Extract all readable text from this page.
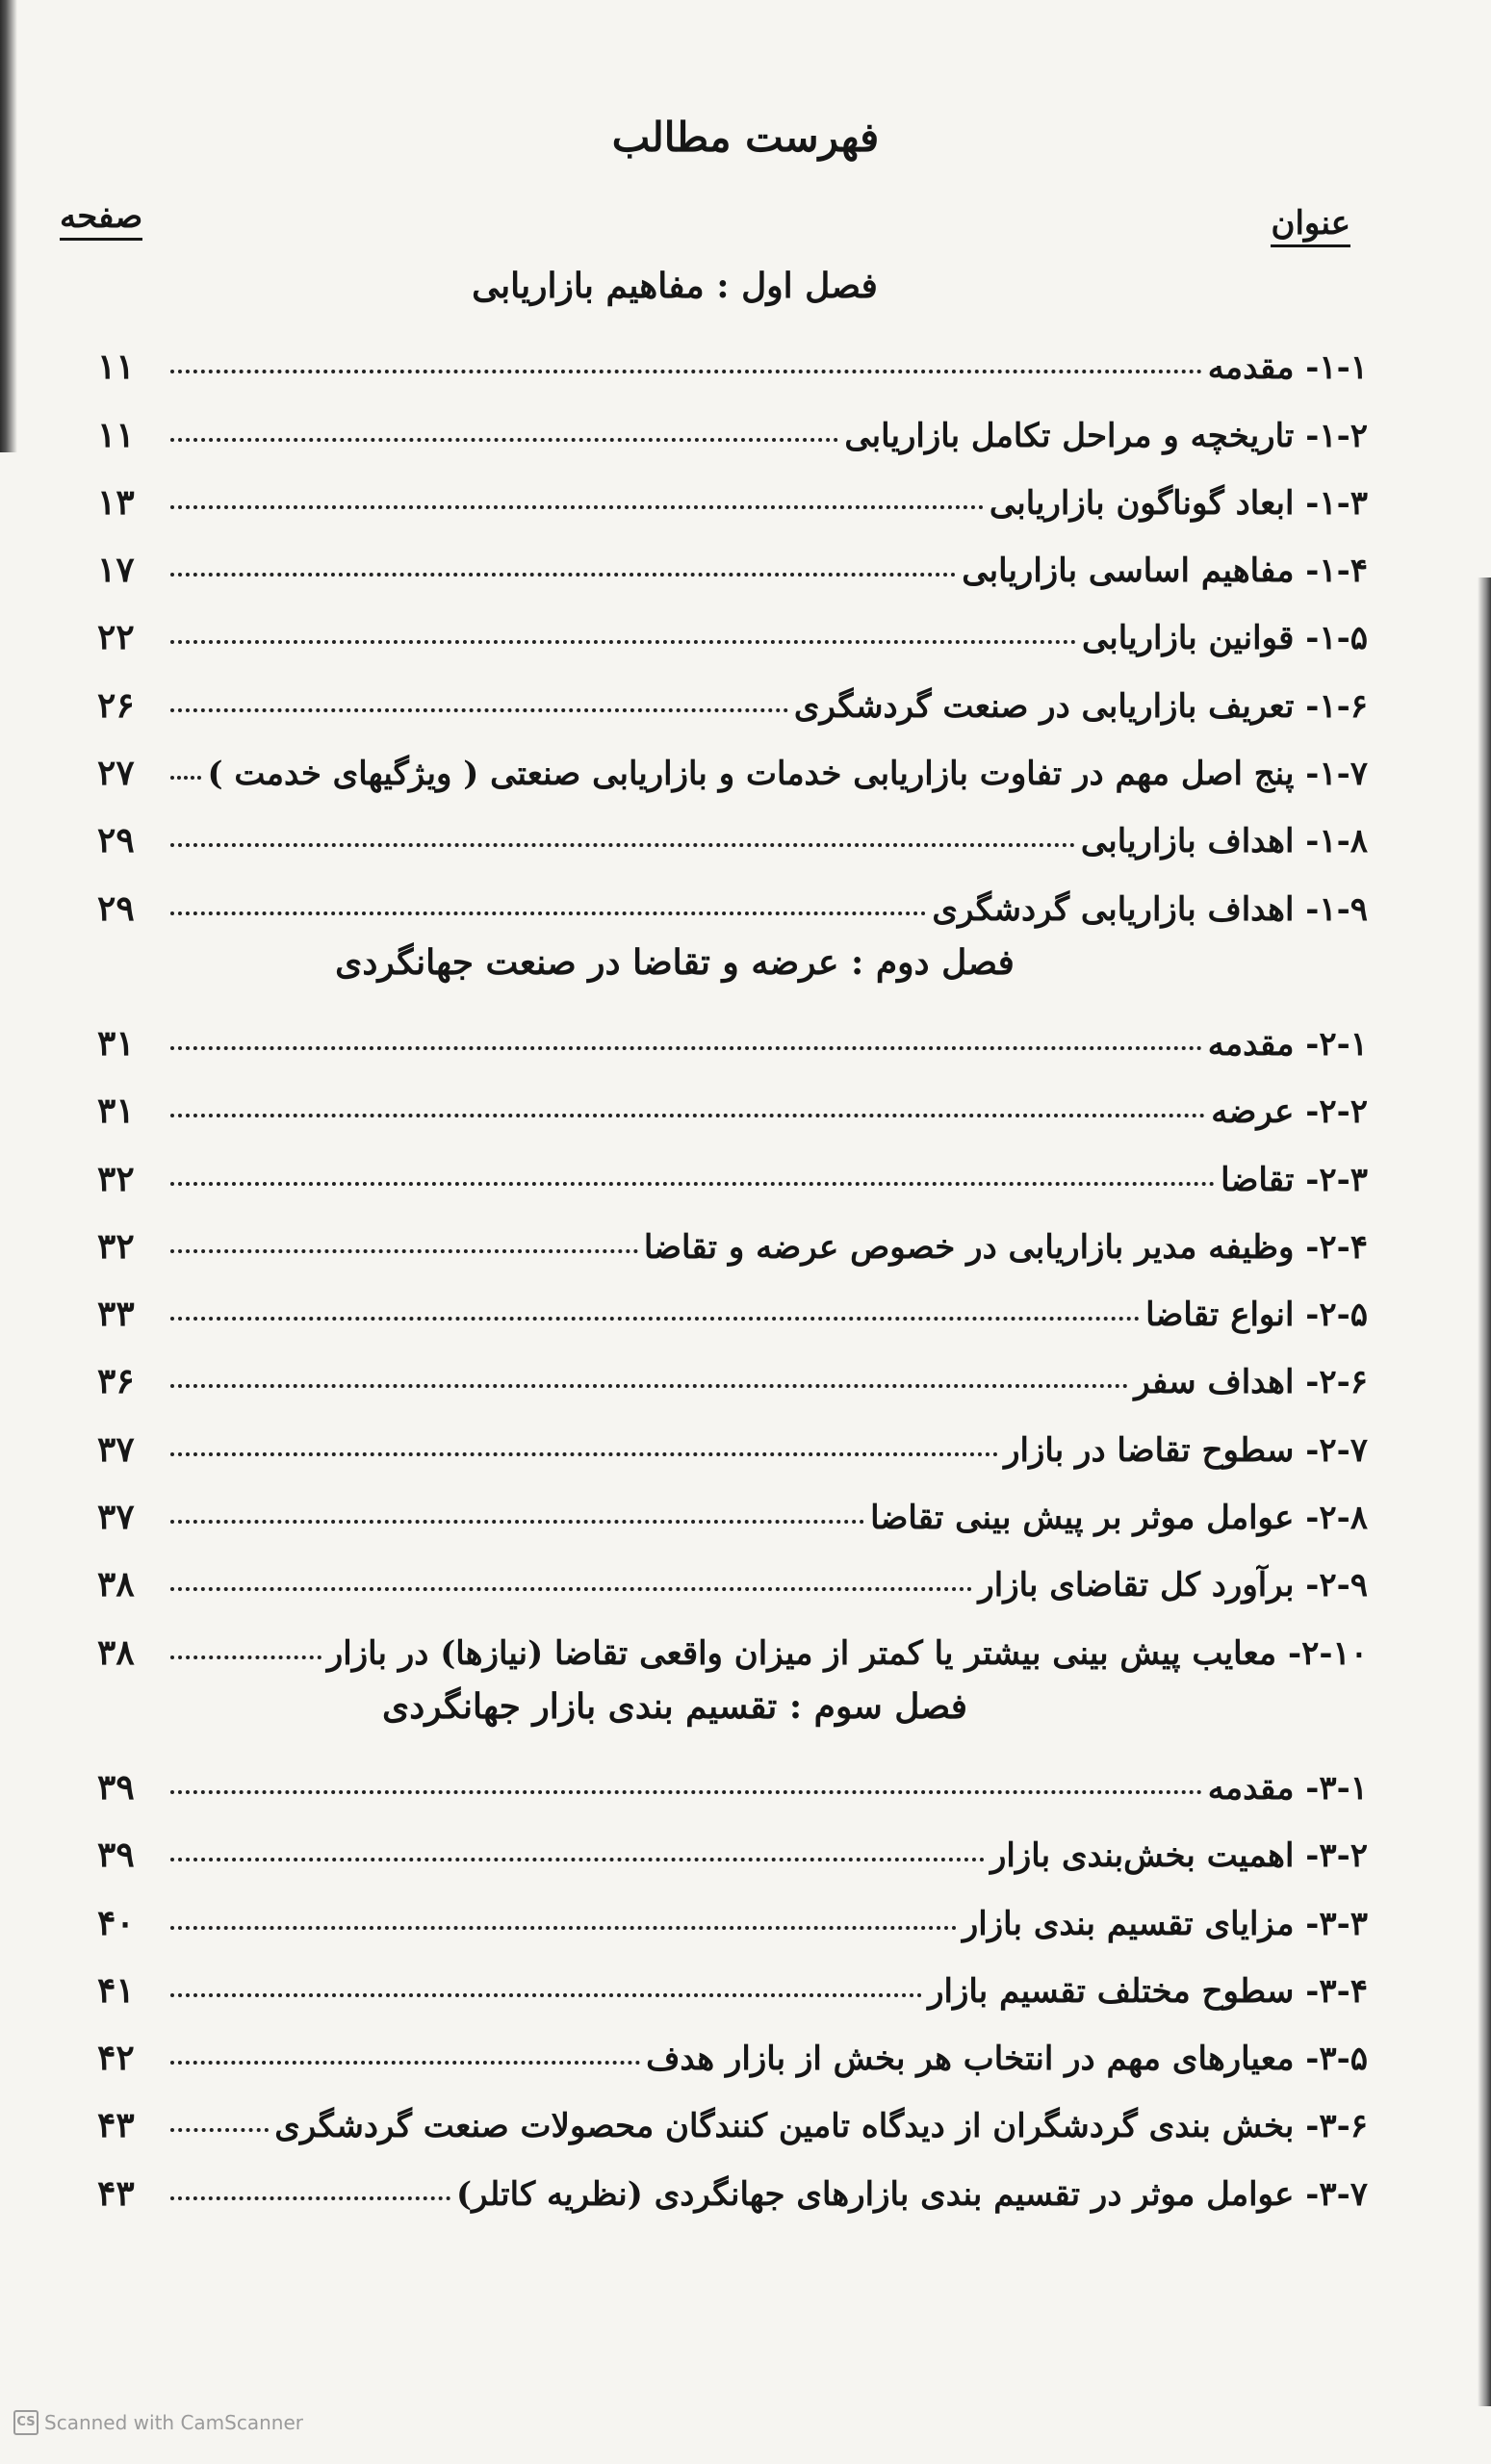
فهرست مطالب
عنوان
صفحه
فصل اول : مفاهیم بازاریابی
۱-۱- مقدمه
۱۱
۱-۲- تاریخچه و مراحل تکامل بازاریابی
۱۱
۱-۳- ابعاد گوناگون بازاریابی
۱۳
۱-۴- مفاهیم اساسی بازاریابی
۱۷
۱-۵- قوانین بازاریابی
۲۲
۱-۶- تعریف بازاریابی در صنعت گردشگری
۲۶
۱-۷- پنج اصل مهم در تفاوت بازاریابی خدمات و بازاریابی صنعتی ( ویژگیهای خدمت )
۲۷
۱-۸- اهداف بازاریابی
۲۹
۱-۹- اهداف بازاریابی گردشگری
۲۹
فصل دوم : عرضه و تقاضا در صنعت جهانگردی
۲-۱- مقدمه
۳۱
۲-۲- عرضه
۳۱
۲-۳- تقاضا
۳۲
۲-۴- وظیفه مدیر بازاریابی در خصوص عرضه و تقاضا
۳۲
۲-۵- انواع تقاضا
۳۳
۲-۶- اهداف سفر
۳۶
۲-۷- سطوح تقاضا در بازار
۳۷
۲-۸- عوامل موثر بر پیش بینی تقاضا
۳۷
۲-۹- برآورد کل تقاضای بازار
۳۸
۲-۱۰- معایب پیش بینی بیشتر یا کمتر از میزان واقعی تقاضا (نیازها) در بازار
۳۸
فصل سوم : تقسیم بندی بازار جهانگردی
۳-۱- مقدمه
۳۹
۳-۲- اهمیت بخش‌بندی بازار
۳۹
۳-۳- مزایای تقسیم بندی بازار
۴۰
۳-۴- سطوح مختلف تقسیم بازار
۴۱
۳-۵- معیارهای مهم در انتخاب هر بخش از بازار هدف
۴۲
۳-۶- بخش بندی گردشگران از دیدگاه تامین کنندگان محصولات صنعت گردشگری
۴۳
۳-۷- عوامل موثر در تقسیم بندی بازارهای جهانگردی (نظریه کاتلر)
۴۳
CS Scanned with CamScanner
